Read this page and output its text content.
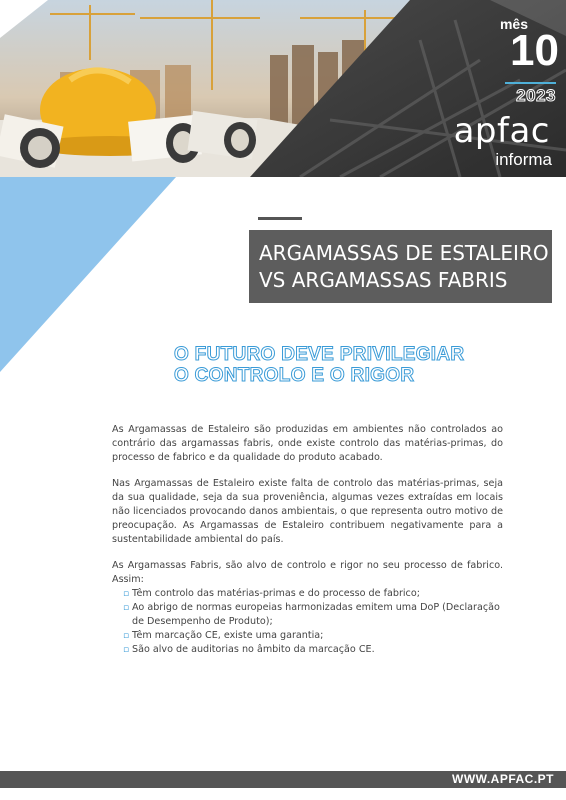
mês
10
2023
apfac
informa
ARGAMASSAS DE ESTALEIRO
VS ARGAMASSAS FABRIS
O FUTURO DEVE PRIVILEGIAR
O CONTROLO E O RIGOR

As Argamassas de Estaleiro são produzidas em ambientes não controlados ao contrário das argamassas fabris, onde existe controlo das matérias-primas, do processo de fabrico e da qualidade do produto acabado.

Nas Argamassas de Estaleiro existe falta de controlo das matérias-primas, seja da sua qualidade, seja da sua proveniência, algumas vezes extraídas em locais não licenciados provocando danos ambientais, o que representa outro motivo de preocupação. As Argamassas de Estaleiro contribuem negativamente para a sustentabilidade ambiental do país.

As Argamassas Fabris, são alvo de controlo e rigor no seu processo de fabrico. Assim:

▫ Têm controlo das matérias-primas e do processo de fabrico;
▫ Ao abrigo de normas europeias harmonizadas emitem uma DoP (Declaração de Desempenho de Produto);
▫ Têm marcação CE, existe uma garantia;
▫ São alvo de auditorias no âmbito da marcação CE.
WWW.APFAC.PT
